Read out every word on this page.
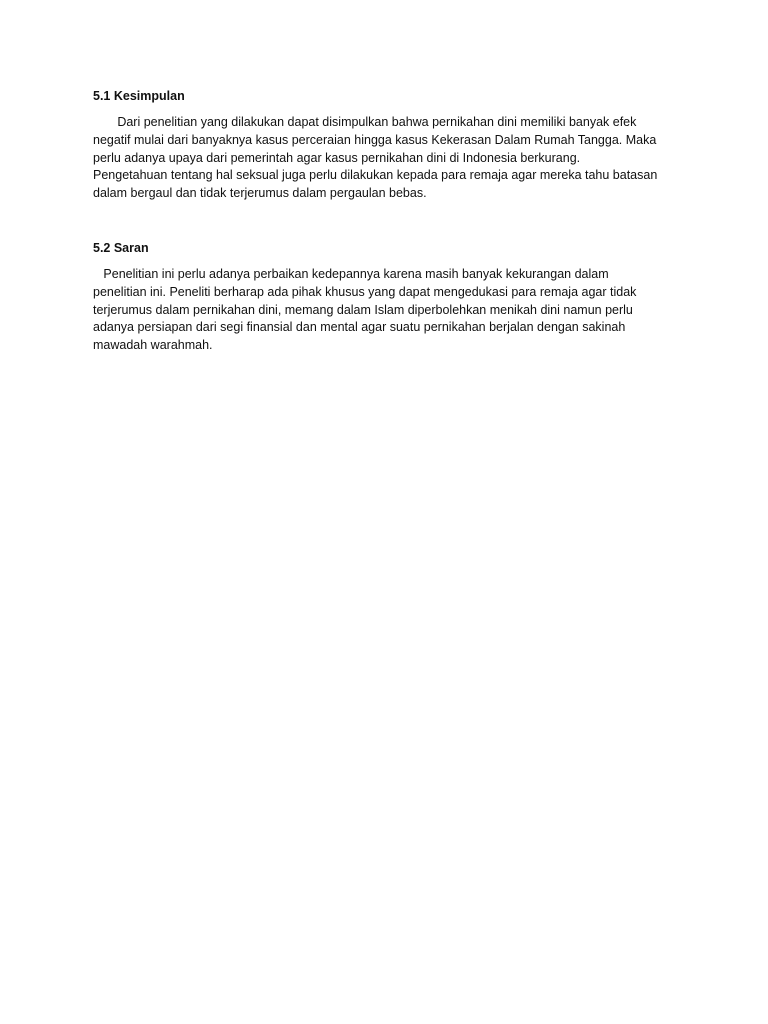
5.1 Kesimpulan

Dari penelitian yang dilakukan dapat disimpulkan bahwa pernikahan dini memiliki banyak efek
negatif mulai dari banyaknya kasus perceraian hingga kasus Kekerasan Dalam Rumah Tangga. Maka
perlu adanya upaya dari pemerintah agar kasus pernikahan dini di Indonesia berkurang.
Pengetahuan tentang hal seksual juga perlu dilakukan kepada para remaja agar mereka tahu batasan
dalam bergaul dan tidak terjerumus dalam pergaulan bebas.

5.2 Saran

Penelitian ini perlu adanya perbaikan kedepannya karena masih banyak kekurangan dalam
penelitian ini. Peneliti berharap ada pihak khusus yang dapat mengedukasi para remaja agar tidak
terjerumus dalam pernikahan dini, memang dalam Islam diperbolehkan menikah dini namun perlu
adanya persiapan dari segi finansial dan mental agar suatu pernikahan berjalan dengan sakinah
mawadah warahmah.
